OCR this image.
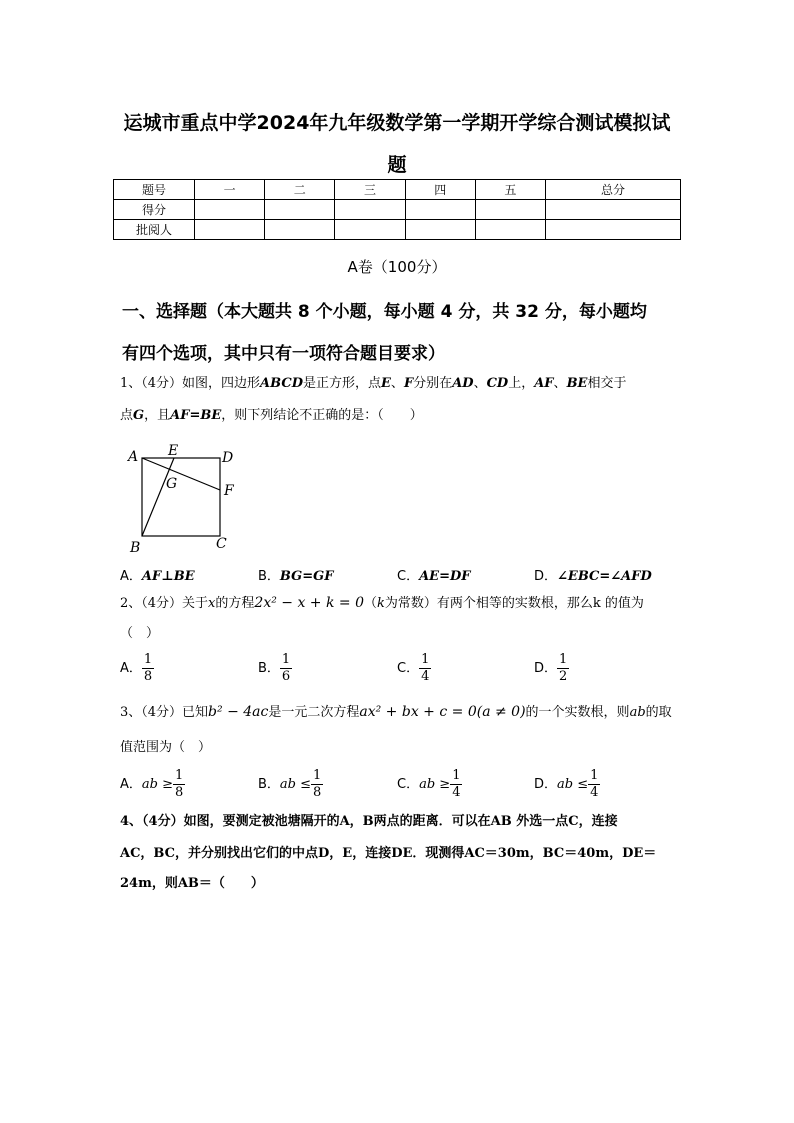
运城市重点中学2024年九年级数学第一学期开学综合测试模拟试
题
题号	一	二	三	四	五	总分
得分						
批阅人						
A卷（100分）
一、选择题（本大题共 8 个小题，每小题 4 分，共 32 分，每小题均
有四个选项，其中只有一项符合题目要求）
1、（4分）如图，四边形ABCD是正方形，点E、F分别在AD、CD上，AF、BE相交于
点G，且AF=BE，则下列结论不正确的是：（　　）
A E	D
G	F
B	C
A．AF⊥BE	B．BG=GF	C．AE=DF	D．∠EBC=∠AFD
2、（4分）关于x的方程2x² − x + k = 0（k为常数）有两个相等的实数根，那么k 的值为
（　）
A． $\frac{1}{8}$	B． $\frac{1}{6}$	C． $\frac{1}{4}$	D． $\frac{1}{2}$
3、（4分）已知b² − 4ac是一元二次方程ax² + bx + c = 0(a ≠ 0)的一个实数根，则ab的取
值范围为（　）
A．ab ≥ $\frac{1}{8}$	B．ab ≤ $\frac{1}{8}$	C．ab ≥ $\frac{1}{4}$	D．ab ≤ $\frac{1}{4}$
4、（4分）如图，要测定被池塘隔开的A，B两点的距离．可以在AB 外选一点C，连接
AC，BC，并分别找出它们的中点D，E，连接DE．现测得AC＝30m，BC＝40m，DE＝
24m，则AB＝（　　）
